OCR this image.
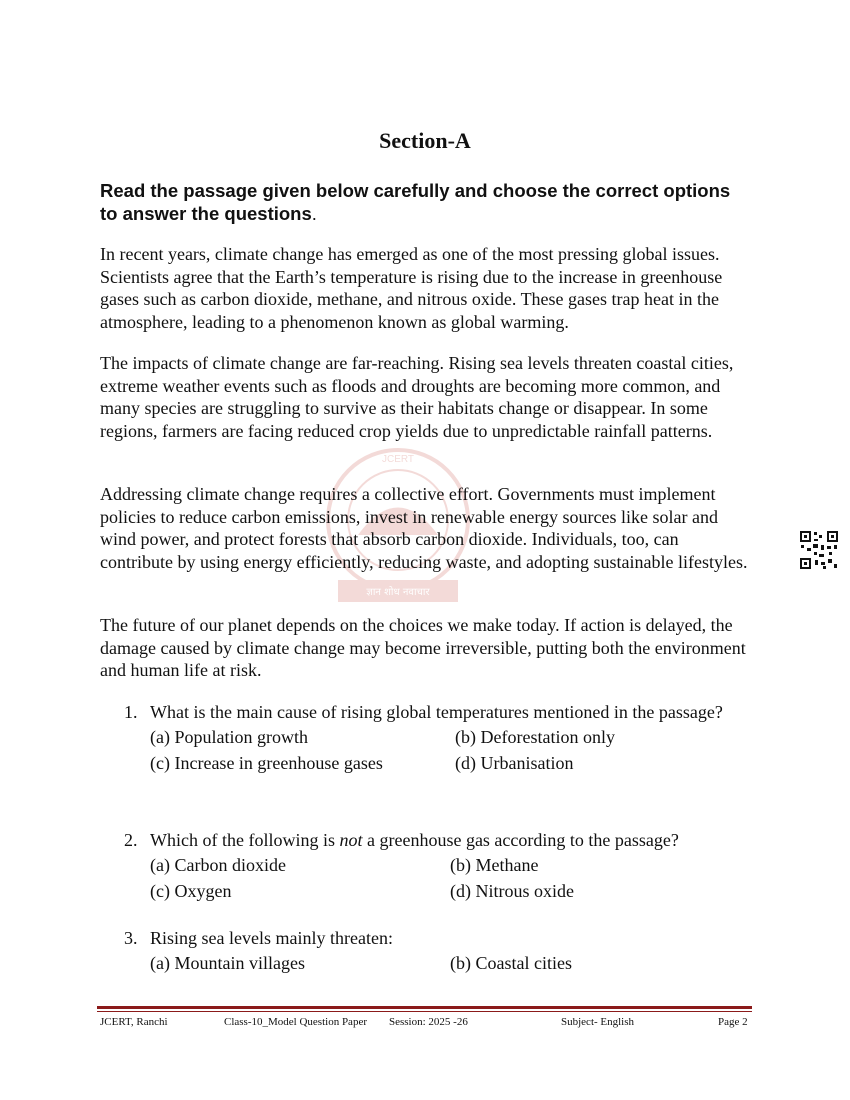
Section-A
Read the passage given below carefully and choose the correct options to answer the questions.
JCERT
ज्ञान शोध नवाचार

In recent years, climate change has emerged as one of the most pressing global issues. Scientists agree that the Earth’s temperature is rising due to the increase in greenhouse gases such as carbon dioxide, methane, and nitrous oxide. These gases trap heat in the atmosphere, leading to a phenomenon known as global warming.

The impacts of climate change are far-reaching. Rising sea levels threaten coastal cities, extreme weather events such as floods and droughts are becoming more common, and many species are struggling to survive as their habitats change or disappear. In some regions, farmers are facing reduced crop yields due to unpredictable rainfall patterns.

Addressing climate change requires a collective effort. Governments must implement policies to reduce carbon emissions, invest in renewable energy sources like solar and wind power, and protect forests that absorb carbon dioxide. Individuals, too, can contribute by using energy efficiently, reducing waste, and adopting sustainable lifestyles.

The future of our planet depends on the choices we make today. If action is delayed, the damage caused by climate change may become irreversible, putting both the environment and human life at risk.

1. What is the main cause of rising global temperatures mentioned in the passage?
(a) Population growth	(b) Deforestation only
(c) Increase in greenhouse gases	(d) Urbanisation
2. Which of the following is not a greenhouse gas according to the passage?
(a) Carbon dioxide	(b) Methane
(c) Oxygen	(d) Nitrous oxide
3. Rising sea levels mainly threaten:
(a) Mountain villages	(b) Coastal cities
JCERT, Ranchi	Class-10_Model Question Paper Session: 2025 -26	Subject- English	Page 2
